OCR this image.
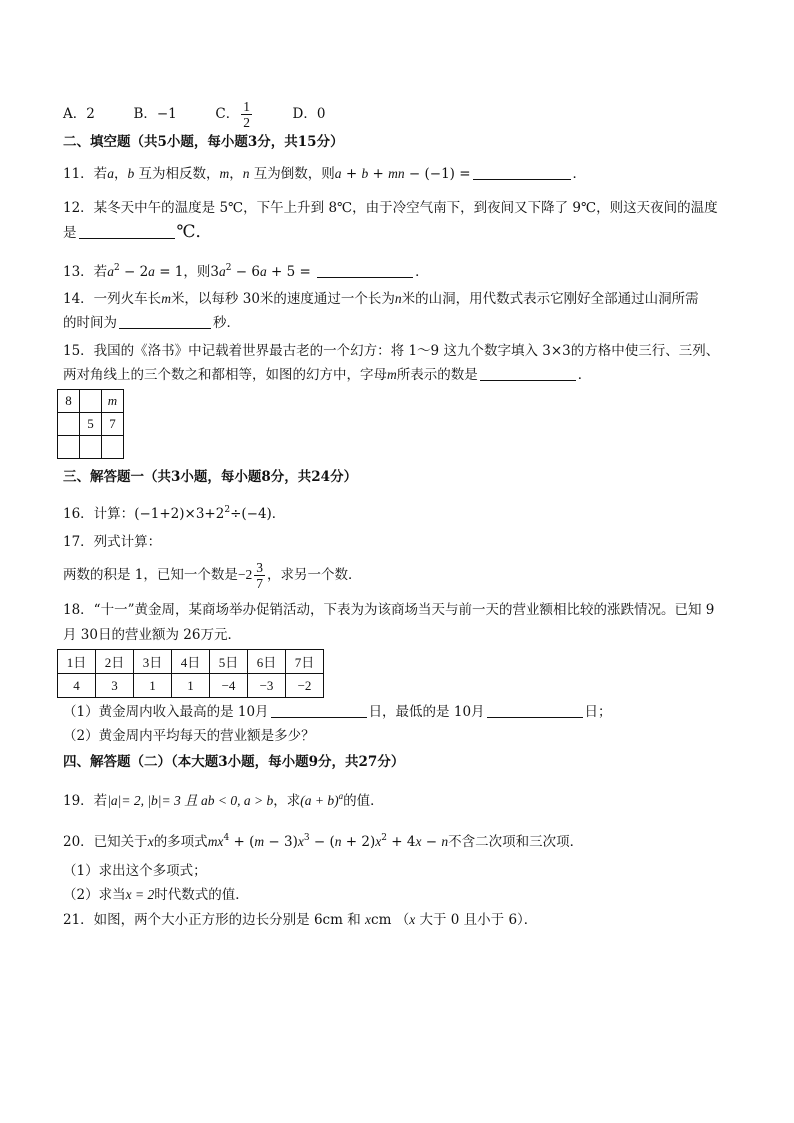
A．2	B．−1	C． $\frac{1}{2}$	D．0
二、填空题（共5小题，每小题3分，共15分）
11．若a，b 互为相反数，m，n 互为倒数，则a + b + mn − (−1) =	．
12．某冬天中午的温度是 5℃，下午上升到 8℃，由于冷空气南下，到夜间又下降了 9℃，则这天夜间的温度
是	℃．
13．若$a^2 - 2a = 1$，则$3a^2 - 6a + 5$ =	．
14．一列火车长m米，以每秒 30米的速度通过一个长为n米的山洞，用代数式表示它刚好全部通过山洞所需
的时间为	秒．
15．我国的《洛书》中记载着世界最古老的一个幻方：将 1～9 这九个数字填入 3×3的方格中使三行、三列、
两对角线上的三个数之和都相等，如图的幻方中，字母m所表示的数是	．
8		m
	5	7

三、解答题一（共3小题，每小题8分，共24分）
16．计算：$(-1+2)\times 3+2^2\div(-4)$．
17．列式计算：
两数的积是 1，已知一个数是$-2 \frac{3}{7}$ ，求另一个数．
18．“十一”黄金周，某商场举办促销活动，下表为为该商场当天与前一天的营业额相比较的涨跌情况。已知 9
月 30日的营业额为 26万元．
1日	2日	3日	4日	5日	6日	7日
4	3	1	1	−4	−3	−2
（1）黄金周内收入最高的是 10月	日，最低的是 10月	日；
（2）黄金周内平均每天的营业额是多少？
四、解答题（二）（本大题3小题，每小题9分，共27分）
19．若|a|= 2, |b|= 3 且 ab < 0, a > b，求$(a + b)^a$的值．
20．已知关于x的多项式$mx^4 + (m - 3)x^3 - (n + 2)x^2 + 4x - n$不含二次项和三次项．
（1）求出这个多项式；
（2）求当x = 2时代数式的值．
21．如图，两个大小正方形的边长分别是 6cm 和 xcm （x 大于 0 且小于 6）．
